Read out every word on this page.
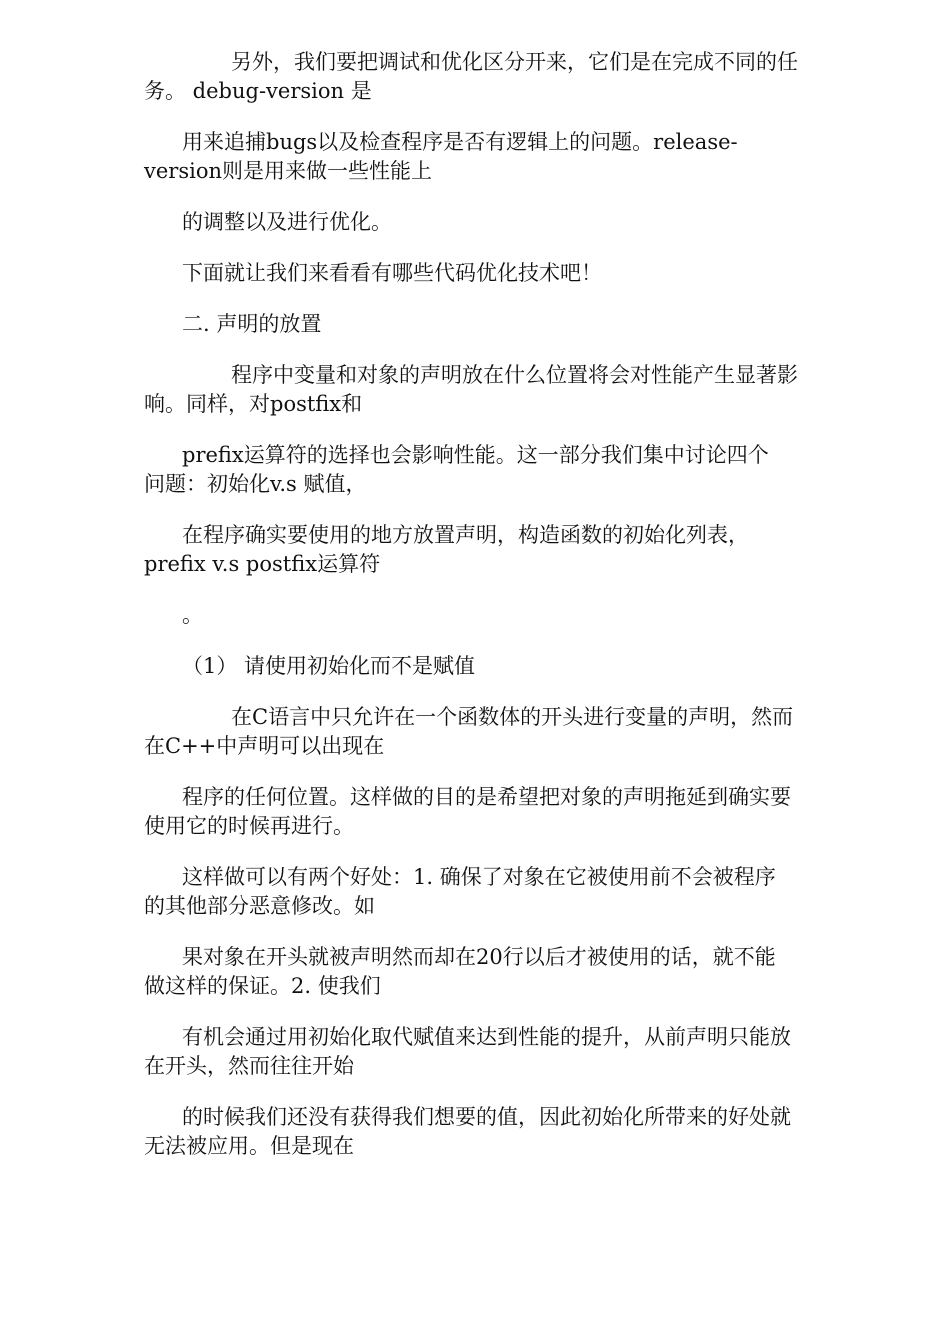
另外，我们要把调试和优化区分开来，它们是在完成不同的任
务。 debug-version 是

用来追捕bugs以及检查程序是否有逻辑上的问题。release-
version则是用来做一些性能上

的调整以及进行优化。

下面就让我们来看看有哪些代码优化技术吧！

二. 声明的放置

程序中变量和对象的声明放在什么位置将会对性能产生显著影
响。同样，对postfix和

prefix运算符的选择也会影响性能。这一部分我们集中讨论四个
问题：初始化v.s 赋值，

在程序确实要使用的地方放置声明，构造函数的初始化列表，
prefix v.s postfix运算符

。

（1） 请使用初始化而不是赋值

在C语言中只允许在一个函数体的开头进行变量的声明，然而
在C++中声明可以出现在

程序的任何位置。这样做的目的是希望把对象的声明拖延到确实要
使用它的时候再进行。

这样做可以有两个好处：1. 确保了对象在它被使用前不会被程序
的其他部分恶意修改。如

果对象在开头就被声明然而却在20行以后才被使用的话，就不能
做这样的保证。2. 使我们

有机会通过用初始化取代赋值来达到性能的提升，从前声明只能放
在开头，然而往往开始

的时候我们还没有获得我们想要的值，因此初始化所带来的好处就
无法被应用。但是现在
